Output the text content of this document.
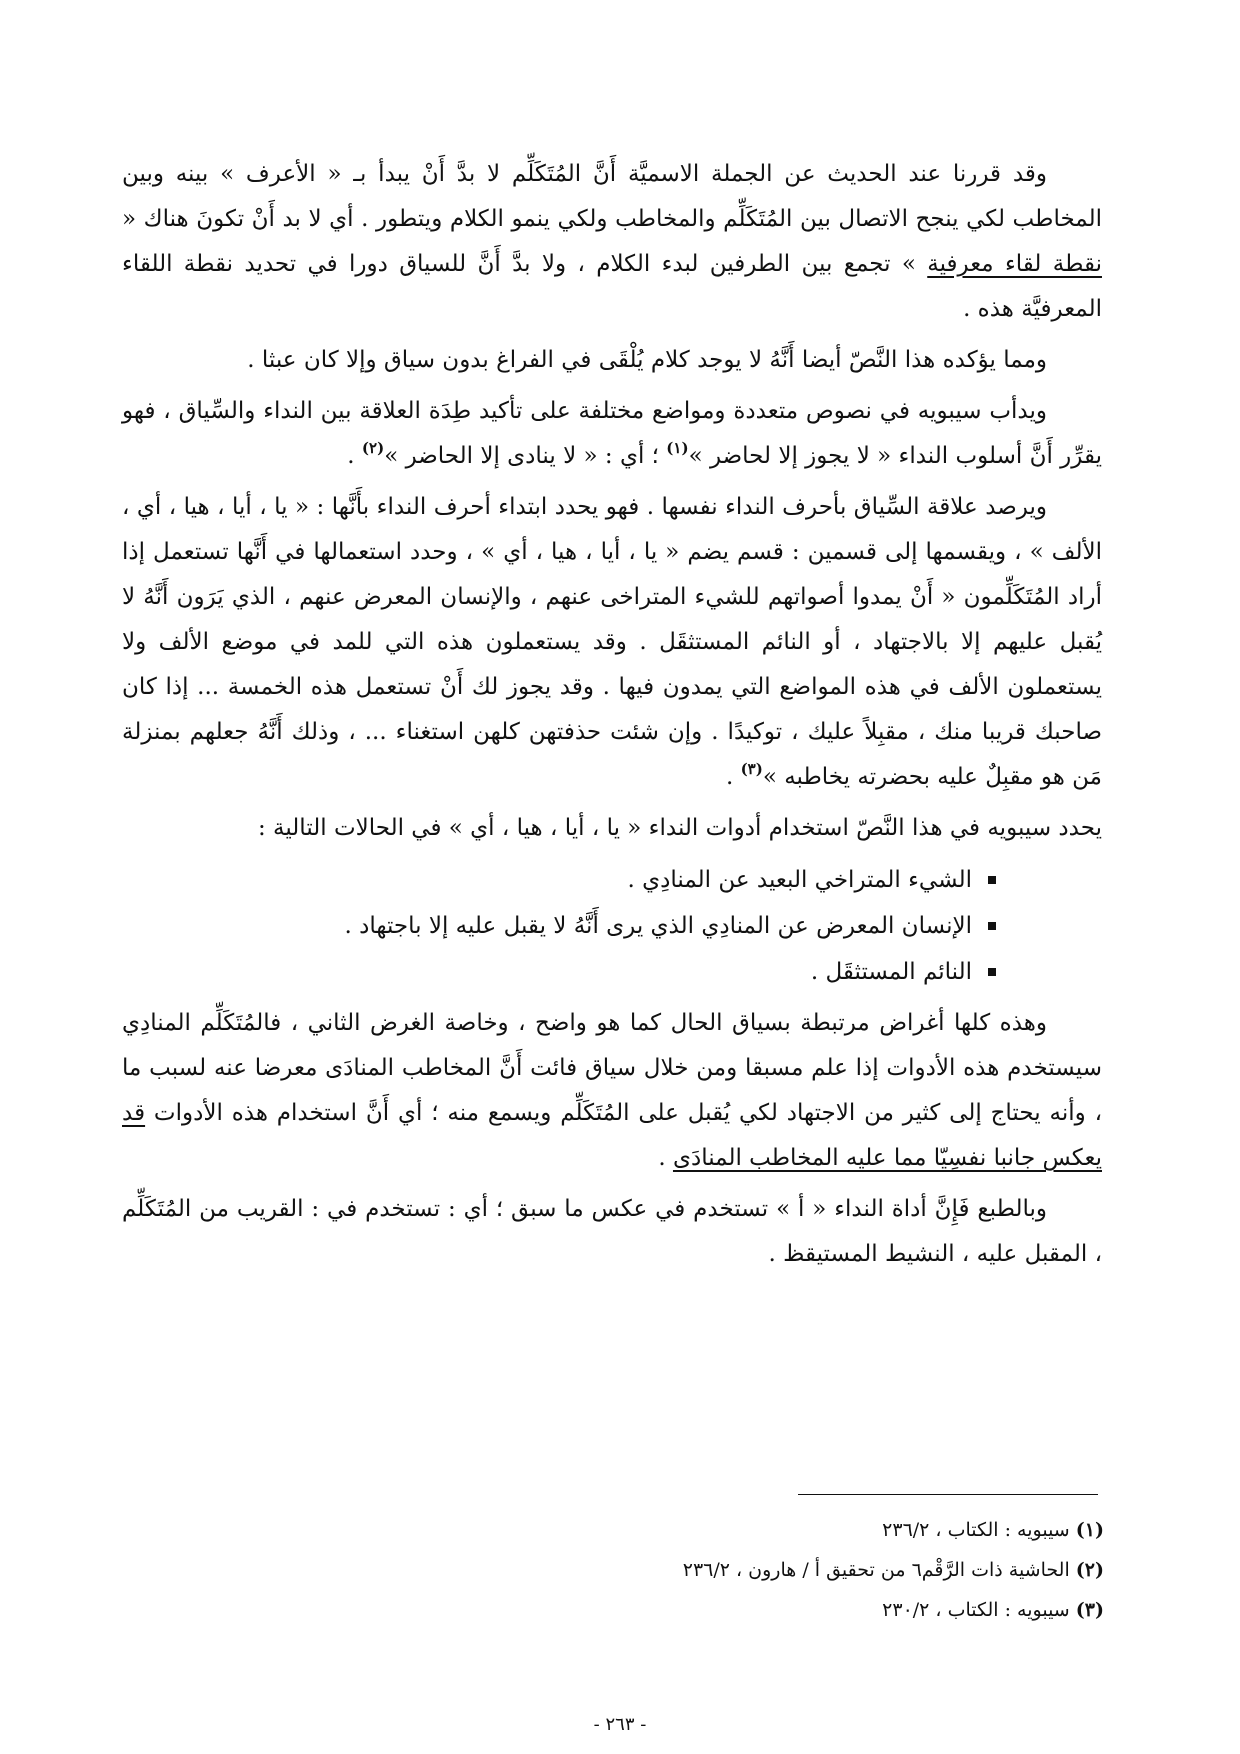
وقد قررنا عند الحديث عن الجملة الاسميَّة أَنَّ المُتَكَلِّم لا بدَّ أَنْ يبدأ بـ « الأعرف » بينه وبين المخاطب لكي ينجح الاتصال بين المُتَكَلِّم والمخاطب ولكي ينمو الكلام ويتطور . أي لا بد أَنْ تكونَ هناك « نقطة لقاء معرفية » تجمع بين الطرفين لبدء الكلام ، ولا بدَّ أَنَّ للسياق دورا في تحديد نقطة اللقاء المعرفيَّة هذه .

ومما يؤكده هذا النَّصّ أيضا أَنَّهُ لا يوجد كلام يُلْقَى في الفراغ بدون سياق وإلا كان عبثا .

ويدأب سيبويه في نصوص متعددة ومواضع مختلفة على تأكيد طِدَة العلاقة بين النداء والسِّياق ، فهو يقرِّر أَنَّ أسلوب النداء « لا يجوز إلا لحاضر »$^{(١)}$ ؛ أي : « لا ينادى إلا الحاضر »$^{(٢)}$ .

ويرصد علاقة السِّياق بأحرف النداء نفسها . فهو يحدد ابتداء أحرف النداء بأَنَّها : « يا ، أيا ، هيا ، أي ، الألف » ، ويقسمها إلى قسمين : قسم يضم « يا ، أيا ، هيا ، أي » ، وحدد استعمالها في أَنَّها تستعمل إذا أراد المُتَكَلِّمون « أَنْ يمدوا أصواتهم للشيء المتراخى عنهم ، والإنسان المعرض عنهم ، الذي يَرَون أَنَّهُ لا يُقبل عليهم إلا بالاجتهاد ، أو النائم المستثقَل . وقد يستعملون هذه التي للمد في موضع الألف ولا يستعملون الألف في هذه المواضع التي يمدون فيها . وقد يجوز لك أَنْ تستعمل هذه الخمسة ... إذا كان صاحبك قريبا منك ، مقبِلاً عليك ، توكيدًا . وإن شئت حذفتهن كلهن استغناء ... ، وذلك أَنَّهُ جعلهم بمنزلة مَن هو مقبِلٌ عليه بحضرته يخاطبه »$^{(٣)}$ .

يحدد سيبويه في هذا النَّصّ استخدام أدوات النداء « يا ، أيا ، هيا ، أي » في الحالات التالية :

الشيء المتراخي البعيد عن المنادِي .
الإنسان المعرض عن المنادِي الذي يرى أَنَّهُ لا يقبل عليه إلا باجتهاد .
النائم المستثقَل .

وهذه كلها أغراض مرتبطة بسياق الحال كما هو واضح ، وخاصة الغرض الثاني ، فالمُتَكَلِّم المنادِي سيستخدم هذه الأدوات إذا علم مسبقا ومن خلال سياق فائت أَنَّ المخاطب المنادَى معرضا عنه لسبب ما ، وأنه يحتاج إلى كثير من الاجتهاد لكي يُقبل على المُتَكَلِّم ويسمع منه ؛ أي أَنَّ استخدام هذه الأدوات قد يعكس جانبا نفسِيّا مما عليه المخاطب المنادَى .

وبالطبع فَإِنَّ أداة النداء « أ » تستخدم في عكس ما سبق ؛ أي : تستخدم في : القريب من المُتَكَلِّم ، المقبل عليه ، النشيط المستيقظ .

(١) سيبويه : الكتاب ، ٢٣٦/٢
(٢) الحاشية ذات الرَّقْم٦ من تحقيق أ / هارون ، ٢٣٦/٢
(٣) سيبويه : الكتاب ، ٢٣٠/٢
- ٢٦٣ -
